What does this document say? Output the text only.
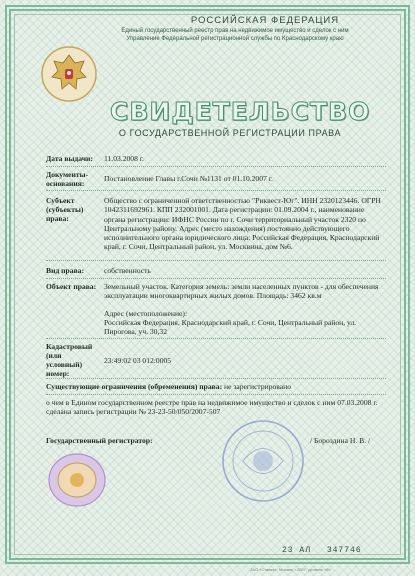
РОССИЙСКАЯ ФЕДЕРАЦИЯ
Единый государственный реестр прав на недвижимое имущество и сделок с ним
Управление Федеральной регистрационной службы по Краснодарскому краю
СВИДЕТЕЛЬСТВО
О ГОСУДАРСТВЕННОЙ РЕГИСТРАЦИИ ПРАВА
Дата выдачи: 11.03.2008 г.
Документы-основания:
Постановление Главы г.Сочи №1131 от 01.10.2007 г.
Субъект (субъекты) права:
Общество с ограниченной ответственностью "Риквест-Юг". ИНН 2320123446. ОГРН 1042311692961. КПП 232001001. Дата регистрации: 01.09.2004 г., наименование органа регистрации: ИФНС России по г. Сочи территориальный участок 2320 по Центральному району. Адрес (место нахождения) постоянно действующего исполнительного органа юридического лица: Российская Федерация, Краснодарский край, г. Сочи, Центральный район, ул. Москвина, дом №6.
Вид права:	собственность
Объект права:	Земельный участок. Категория земель: земли населенных пунктов - для обеспечения эксплуатации многоквартирных жилых домов. Площадь: 3462 кв.м
Адрес (местоположение):
Российская Федерация, Краснодарский край, г. Сочи, Центральный район, ул. Пирогова, уч. 30,32
Кадастровый (или условный) номер:
23:49:02 03 012:0005
Существующие ограничения (обременения) права: не зарегистрировано
о чем в Едином государственном реестре прав на недвижимое имущество и сделок с ним 07.03.2008 г. сделана запись регистрации № 23-23-50/050/2007-507
Государственный регистратор:	/ Бороздина Н. В. /
23 АЛ 347746
ЗАО «Ставка», Москва, г.2007, уровень «Б»
